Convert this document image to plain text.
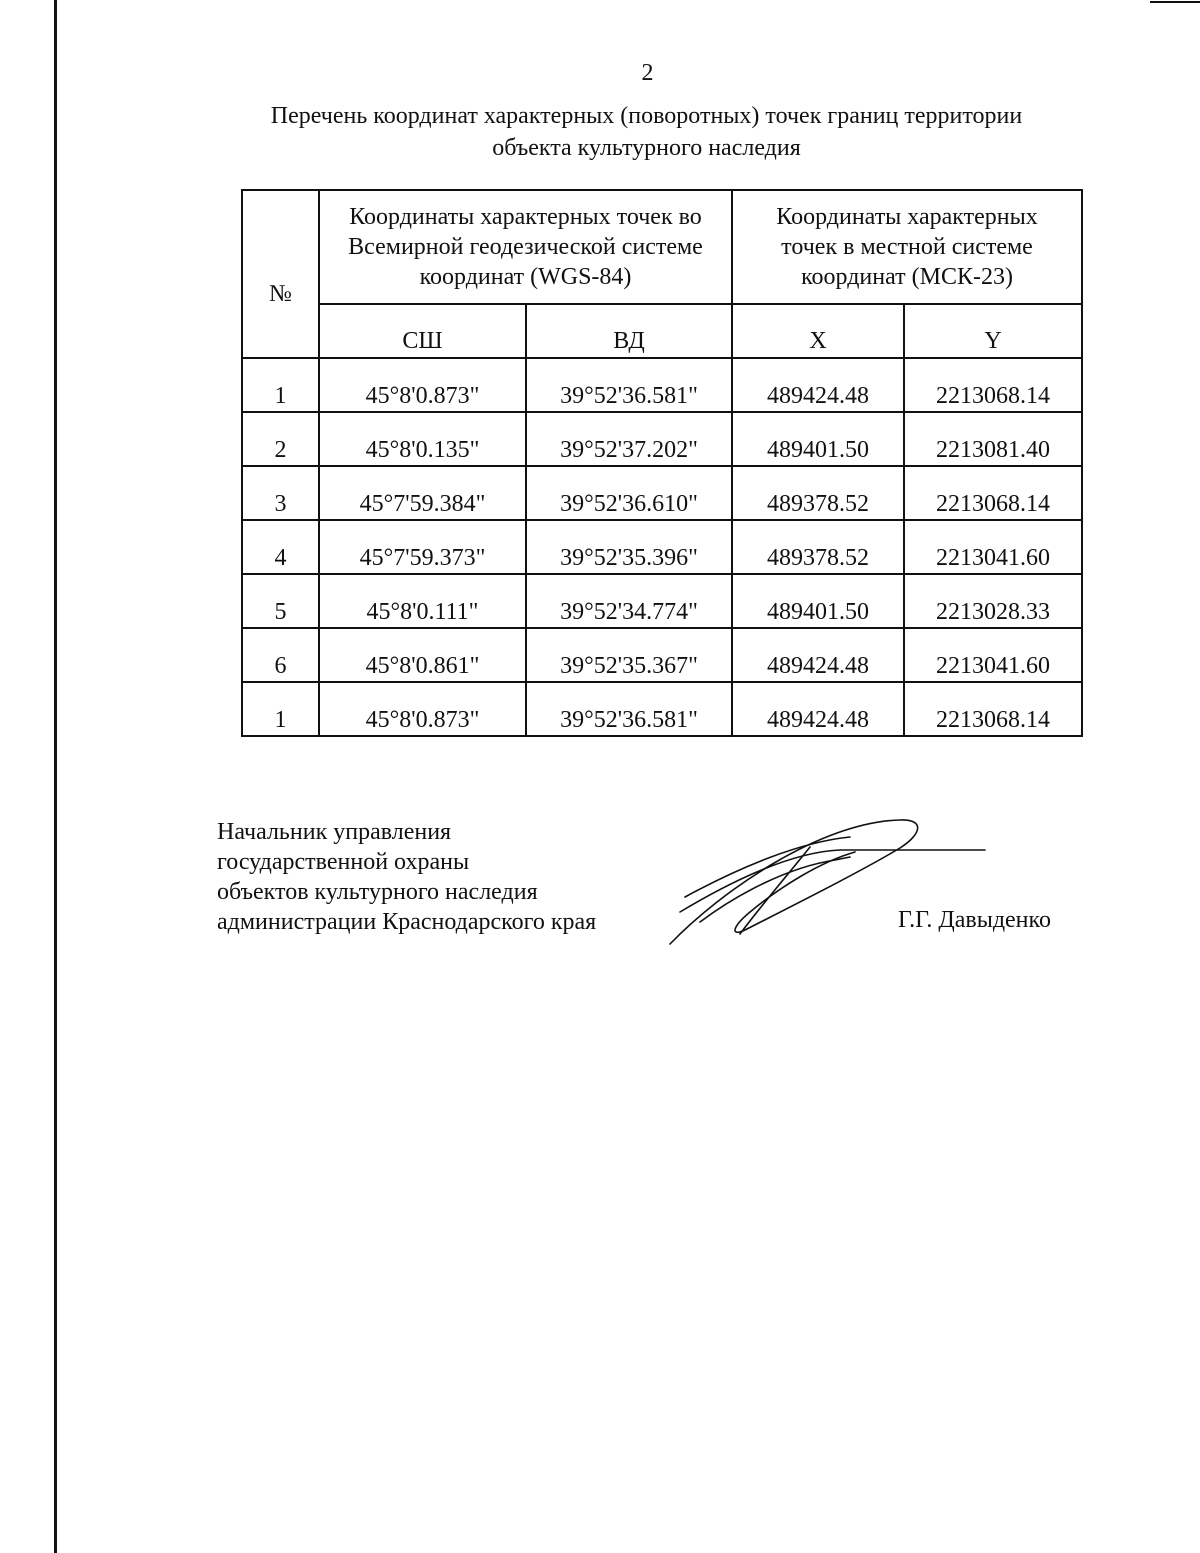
2
Перечень координат характерных (поворотных) точек границ территории
объекта культурного наследия
№	Координаты характерных точек во Всемирной геодезической системе координат (WGS-84)		Координаты характерных точек в местной системе координат (МСК-23)	
	СШ	ВД	X	Y
1	45°8'0.873"	39°52'36.581"	489424.48	2213068.14
2	45°8'0.135"	39°52'37.202"	489401.50	2213081.40
3	45°7'59.384"	39°52'36.610"	489378.52	2213068.14
4	45°7'59.373"	39°52'35.396"	489378.52	2213041.60
5	45°8'0.111"	39°52'34.774"	489401.50	2213028.33
6	45°8'0.861"	39°52'35.367"	489424.48	2213041.60
1	45°8'0.873"	39°52'36.581"	489424.48	2213068.14
Начальник управления
государственной охраны
объектов культурного наследия
администрации Краснодарского края	Г.Г. Давыденко
